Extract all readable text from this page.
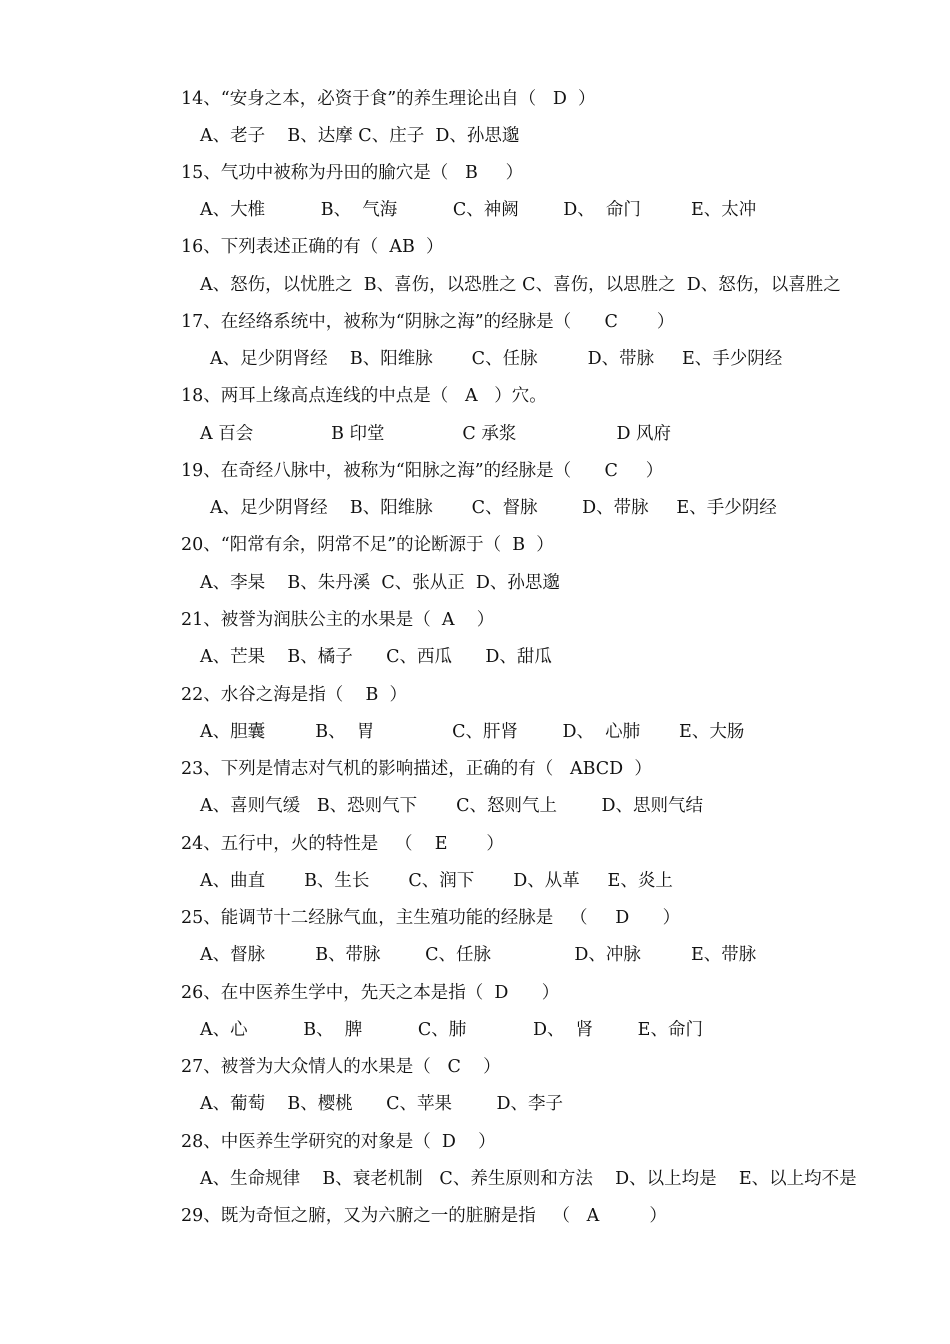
14、“安身之本，必资于食”的养生理论出自（   D  ）
A、老子    B、达摩 C、庄子  D、孙思邈
15、气功中被称为丹田的腧穴是（   B     ）
A、大椎          B、  气海          C、神阙        D、  命门         E、太冲
16、下列表述正确的有（  AB  ）
A、怒伤，以忧胜之  B、喜伤，以恐胜之 C、喜伤，以思胜之  D、怒伤，以喜胜之
17、在经络系统中，被称为“阴脉之海”的经脉是（      C       ）
A、足少阴肾经    B、阳维脉       C、任脉         D、带脉     E、手少阴经
18、两耳上缘高点连线的中点是（   A   ）穴。
A 百会              B 印堂              C 承浆                  D 风府
19、在奇经八脉中，被称为“阳脉之海”的经脉是（      C     ）
A、足少阴肾经    B、阳维脉       C、督脉        D、带脉     E、手少阴经
20、“阳常有余，阴常不足”的论断源于（  B  ）
A、李杲    B、朱丹溪  C、张从正  D、孙思邈
21、被誉为润肤公主的水果是（  A    ）
A、芒果    B、橘子      C、西瓜      D、甜瓜
22、水谷之海是指（    B  ）
A、胆囊         B、  胃              C、肝肾        D、  心肺       E、大肠
23、下列是情志对气机的影响描述，正确的有（   ABCD  ）
A、喜则气缓   B、恐则气下       C、怒则气上        D、思则气结
24、五行中，火的特性是   （    E       ）
A、曲直       B、生长       C、润下       D、从革     E、炎上
25、能调节十二经脉气血，主生殖功能的经脉是   （     D      ）
A、督脉         B、带脉        C、任脉               D、冲脉         E、带脉
26、在中医养生学中，先天之本是指（  D      ）
A、心          B、  脾          C、肺            D、  肾        E、命门
27、被誉为大众情人的水果是（   C    ）
A、葡萄    B、樱桃      C、苹果        D、李子
28、中医养生学研究的对象是（  D    ）
A、生命规律    B、衰老机制   C、养生原则和方法    D、以上均是    E、以上均不是
29、既为奇恒之腑，又为六腑之一的脏腑是指   （   A         ）
